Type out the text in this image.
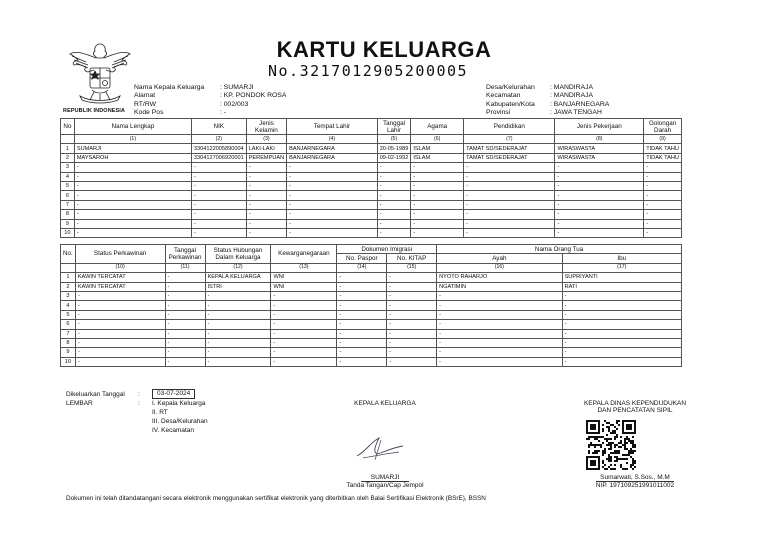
REPUBLIK INDONESIA
KARTU KELUARGA
No.3217012905200005
Nama Kepala Keluarga	: SUMARJI
Alamat	: KP. PONDOK ROSA
RT/RW	: 002/003
Kode Pos	: -
Desa/Kelurahan	: MANDIRAJA
Kecamatan	: MANDIRAJA
Kabupaten/Kota	: BANJARNEGARA
Provinsi	: JAWA TENGAH
No	Nama Lengkap	NIK	Jenis Kelamin	Tempat Lahir	Tanggal Lahir	Agama	Pendidikan	Jenis Pekerjaan	Golongan Darah
	(1)	(2)	(3)	(4)	(5)	(6)	(7)	(8)	(9)
1	SUMARJI	3304122005890004	LAKI-LAKI	BANJARNEGARA	20-05-1989	ISLAM	TAMAT SD/SEDERAJAT	WIRASWASTA	TIDAK TAHU
2	MAYSAROH	3304127006920001	PEREMPUAN	BANJARNEGARA	09-02-1992	ISLAM	TAMAT SD/SEDERAJAT	WIRASWASTA	TIDAK TAHU
3	-	-	-	-	-	-	-	-	-
4	-	-	-	-	-	-	-	-	-
5	-	-	-	-	-	-	-	-	-
6	-	-	-	-	-	-	-	-	-
7	-	-	-	-	-	-	-	-	-
8	-	-	-	-	-	-	-	-	-
9	-	-	-	-	-	-	-	-	-
10	-	-	-	-	-	-	-	-	-
No.	Status Perkawinan	Tanggal Perkawinan	Status Hubungan Dalam Keluarga	Kewarganegaraan	Dokumen Imigrasi		Nama Orang Tua	
					No. Paspor	No. KITAP	Ayah	Ibu
	(10)	(11)	(12)	(13)	(14)	(15)	(16)	(17)
1	KAWIN TERCATAT	-	KEPALA KELUARGA	WNI	-	-	NYOTO RAHARJO	SUPRIYANTI
2	KAWIN TERCATAT	-	ISTRI	WNI	-	-	NGATIMIN	RATI
3	-	-	-	-	-	-	-	-
4	-	-	-	-	-	-	-	-
5	-	-	-	-	-	-	-	-
6	-	-	-	-	-	-	-	-
7	-	-	-	-	-	-	-	-
8	-	-	-	-	-	-	-	-
9	-	-	-	-	-	-	-	-
10	-	-	-	-	-	-	-	-
Dikeluarkan Tanggal	:	03-07-2024
LEMBAR	:	I. Kepala Keluarga
II. RT
III. Desa/Kelurahan
IV. Kecamatan
KEPALA KELUARGA
SUMARJI
Tanda Tangan/Cap Jempol
KEPALA DINAS KEPENDUDUKAN
DAN PENCATATAN SIPIL
Sumarwati, S.Sos., M.M
NIP. 197109251991011002
Dokumen ini telah ditandatangani secara elektronik menggunakan sertifikat elektronik yang diterbitkan oleh Balai Sertifikasi Elektronik (BSrE), BSSN
